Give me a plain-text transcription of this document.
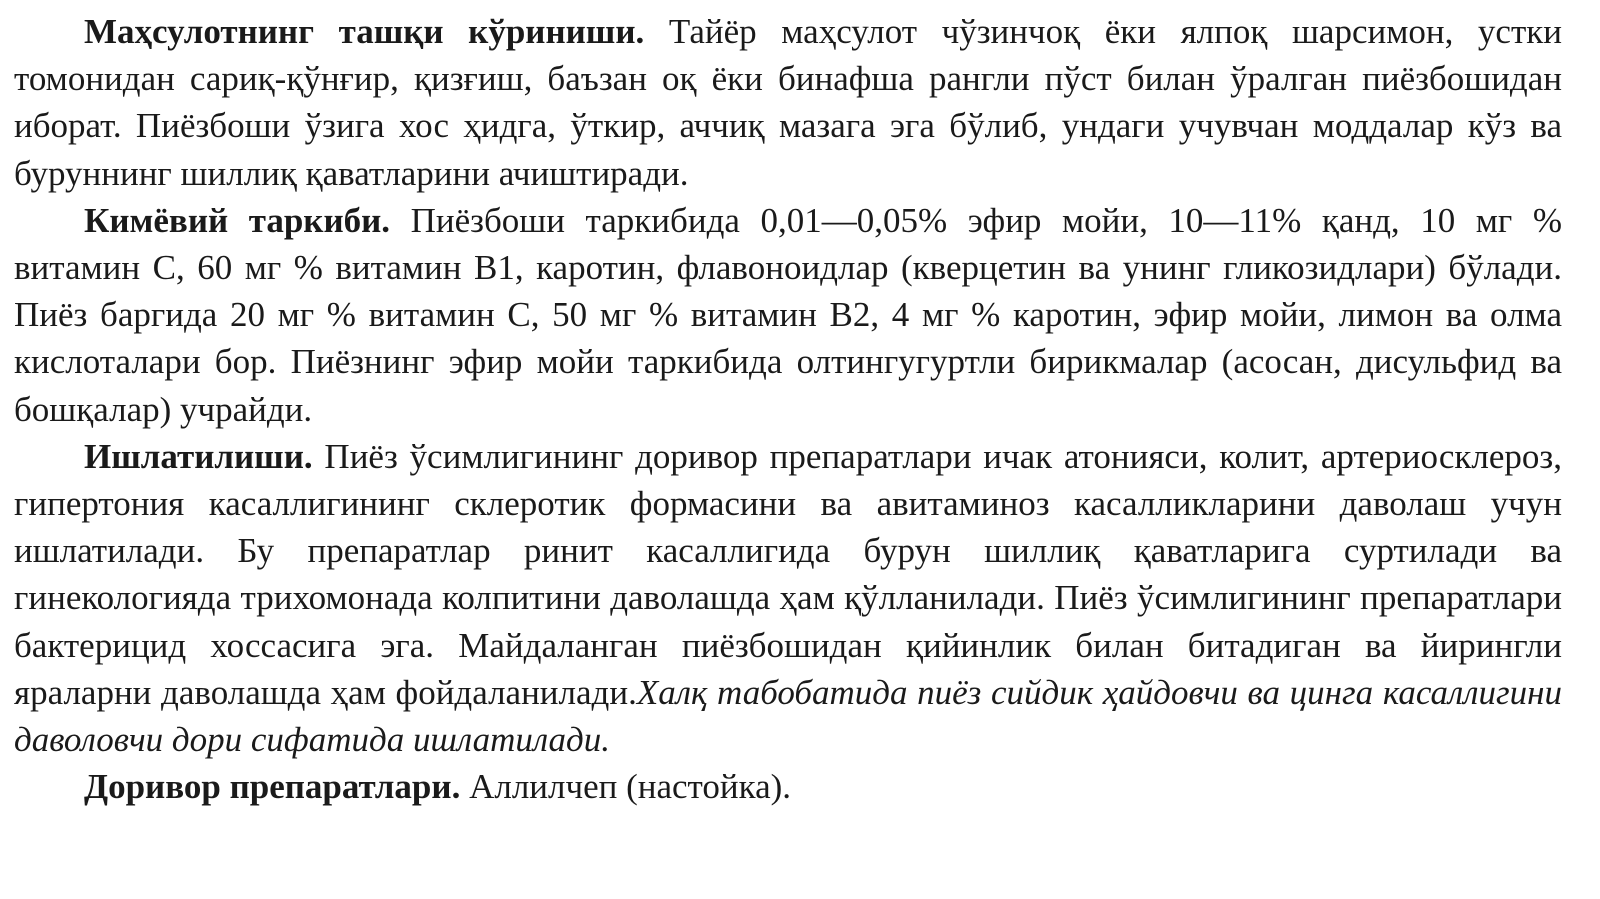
Маҳсулотнинг ташқи кўриниши. Тайёр маҳсулот чўзинчоқ ёки ялпоқ шарсимон, устки томонидан сариқ-қўнғир, қизғиш, баъзан оқ ёки бинафша рангли пўст билан ўралган пиёзбошидан иборат. Пиёзбоши ўзига хос ҳидга, ўткир, аччиқ мазага эга бўлиб, ундаги учувчан моддалар кўз ва буруннинг шиллиқ қаватларини ачиштиради.

Кимёвий таркиби. Пиёзбоши таркибида 0,01—0,05% эфир мойи, 10—11% қанд, 10 мг % витамин С, 60 мг % витамин В1, каротин, флавоноидлар (кверцетин ва унинг гликозидлари) бўлади. Пиёз баргида 20 мг % витамин С, 50 мг % витамин В2, 4 мг % каротин, эфир мойи, лимон ва олма кислоталари бор. Пиёзнинг эфир мойи таркибида олтингугуртли бирикмалар (асосан, дисульфид ва бошқалар) учрайди.

Ишлатилиши. Пиёз ўсимлигининг доривор препаратлари ичак атонияси, колит, артериосклероз, гипертония касаллигининг склеротик формасини ва авитаминоз касалликларини даволаш учун ишлатилади. Бу препаратлар ринит касаллигида бурун шиллиқ қаватларига суртилади ва гинекологияда трихомонада колпитини даволашда ҳам қўлланилади. Пиёз ўсимлигининг препаратлари бактерицид хоссасига эга. Майдаланган пиёзбошидан қийинлик билан битадиган ва йирингли яраларни даволашда ҳам фойдаланилади.Халқ табобатида пиёз сийдик ҳайдовчи ва цинга касаллигини даволовчи дори сифатида ишлатилади.

Доривор препаратлари. Аллилчеп (настойка).
